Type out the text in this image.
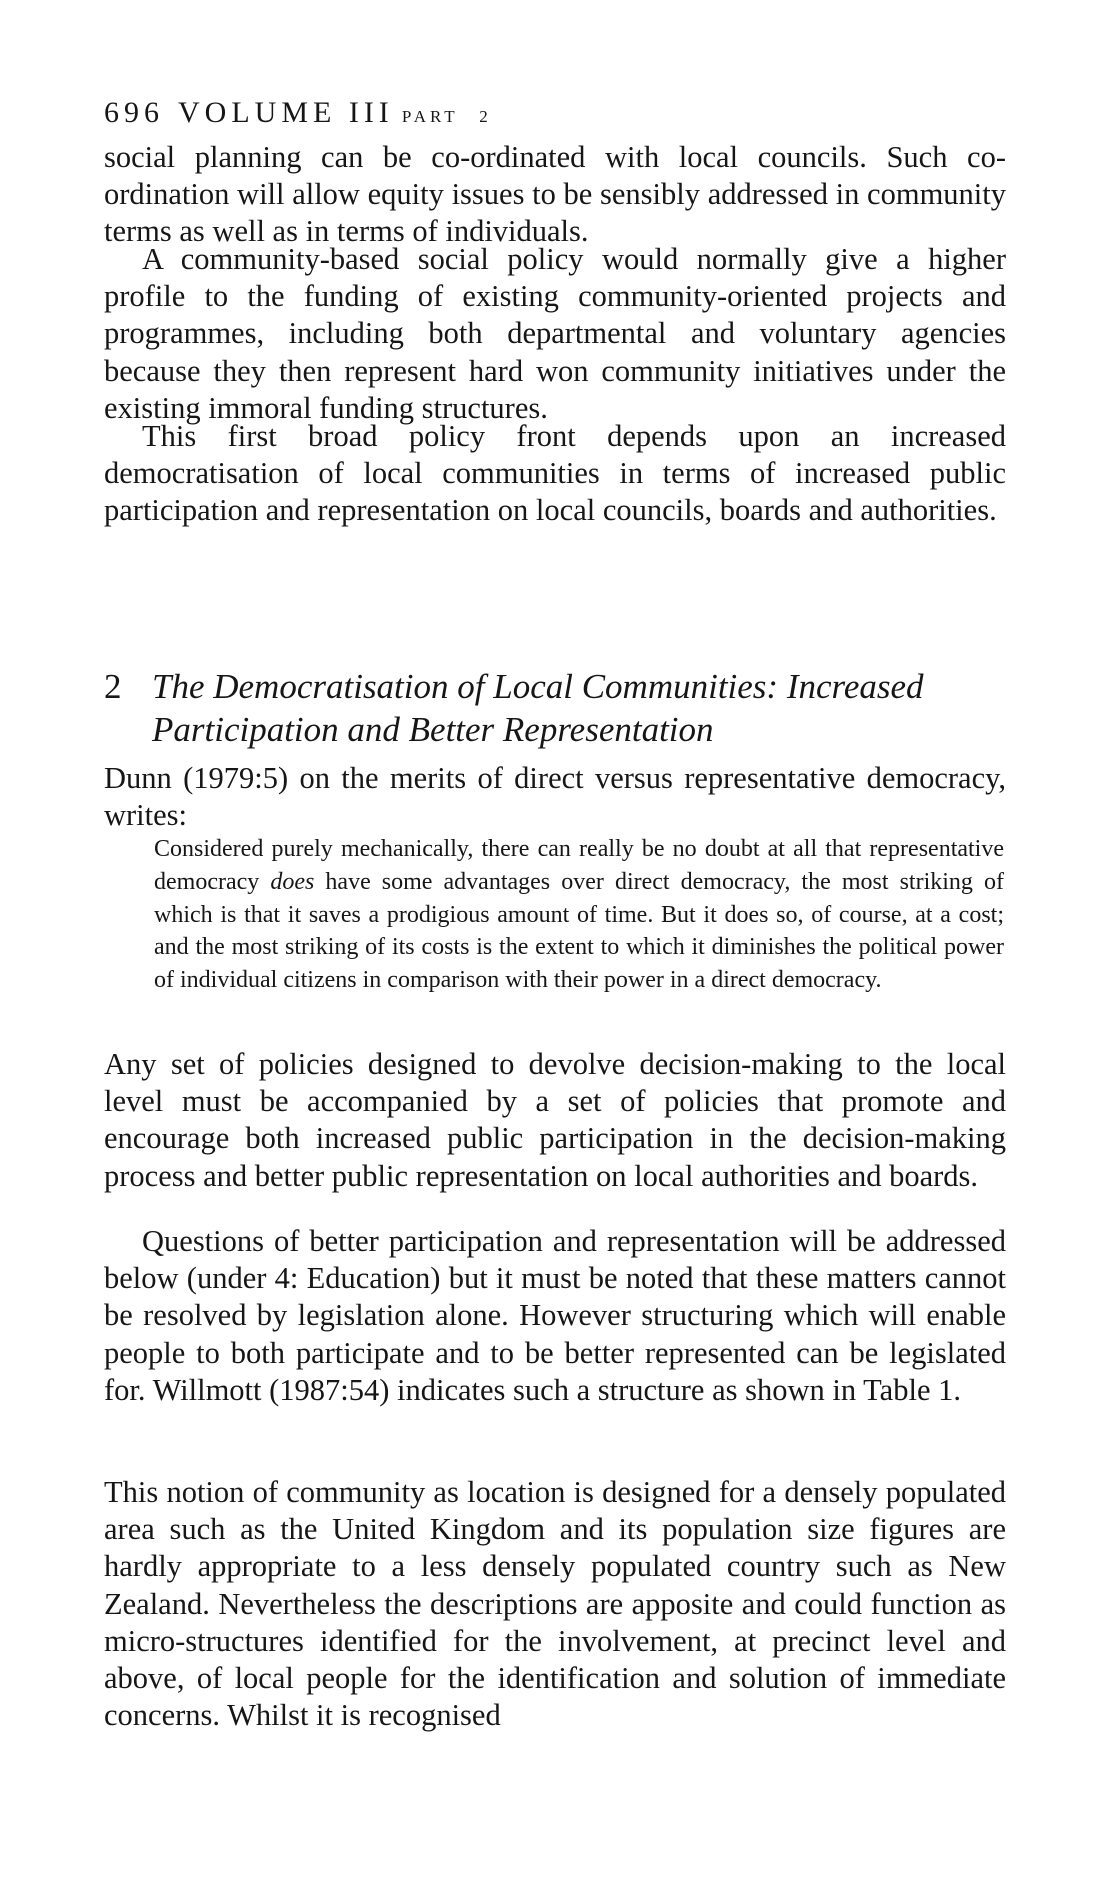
696 VOLUME III PART 2

social planning can be co-ordinated with local councils. Such co-ordination will allow equity issues to be sensibly addressed in community terms as well as in terms of individuals.

A community-based social policy would normally give a higher profile to the funding of existing community-oriented projects and programmes, including both departmental and voluntary agencies because they then represent hard won community initiatives under the existing immoral funding structures.

This first broad policy front depends upon an increased democratisation of local communities in terms of increased public participation and representation on local councils, boards and authorities.

2 The Democratisation of Local Communities: Increased
Participation and Better Representation

Dunn (1979:5) on the merits of direct versus representative democracy, writes:

Considered purely mechanically, there can really be no doubt at all that representative democracy does have some advantages over direct democracy, the most striking of which is that it saves a prodigious amount of time. But it does so, of course, at a cost; and the most striking of its costs is the extent to which it diminishes the political power of individual citizens in comparison with their power in a direct democracy.

Any set of policies designed to devolve decision-making to the local level must be accompanied by a set of policies that promote and encourage both increased public participation in the decision-making process and better public representation on local authorities and boards.

Questions of better participation and representation will be addressed below (under 4: Education) but it must be noted that these matters cannot be resolved by legislation alone. However structuring which will enable people to both participate and to be better represented can be legislated for. Willmott (1987:54) indicates such a structure as shown in Table 1.

This notion of community as location is designed for a densely populated area such as the United Kingdom and its population size figures are hardly appropriate to a less densely populated country such as New Zealand. Nevertheless the descriptions are apposite and could function as micro-structures identified for the involvement, at precinct level and above, of local people for the identification and solution of immediate concerns. Whilst it is recognised
